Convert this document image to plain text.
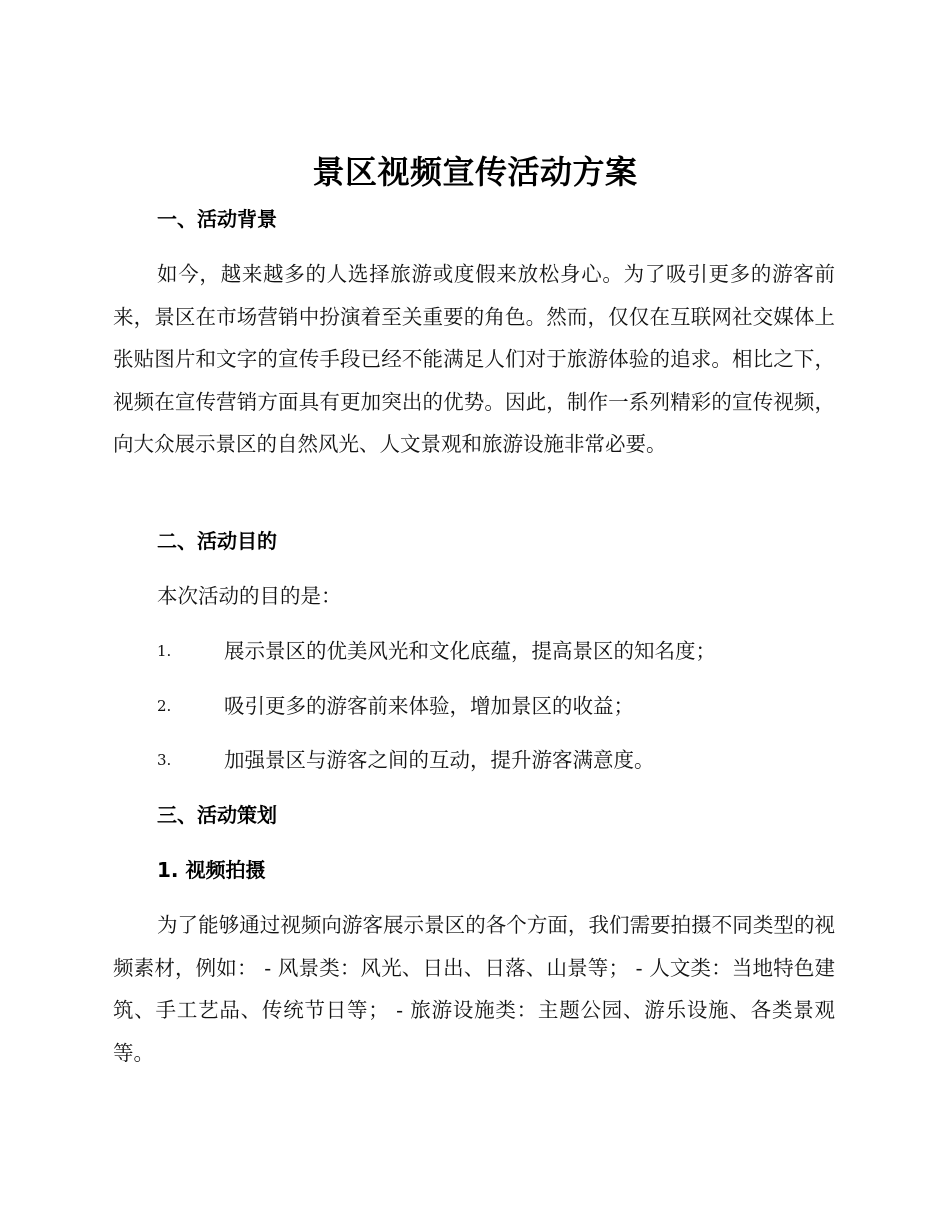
景区视频宣传活动方案
一、活动背景

如今，越来越多的人选择旅游或度假来放松身心。为了吸引更多的游客前来，景区在市场营销中扮演着至关重要的角色。然而，仅仅在互联网社交媒体上张贴图片和文字的宣传手段已经不能满足人们对于旅游体验的追求。相比之下，视频在宣传营销方面具有更加突出的优势。因此，制作一系列精彩的宣传视频，向大众展示景区的自然风光、人文景观和旅游设施非常必要。

二、活动目的

本次活动的目的是：

1.	展示景区的优美风光和文化底蕴，提高景区的知名度；
2.	吸引更多的游客前来体验，增加景区的收益；
3.	加强景区与游客之间的互动，提升游客满意度。
三、活动策划
1. 视频拍摄

为了能够通过视频向游客展示景区的各个方面，我们需要拍摄不同类型的视频素材，例如： - 风景类：风光、日出、日落、山景等； - 人文类：当地特色建筑、手工艺品、传统节日等； - 旅游设施类：主题公园、游乐设施、各类景观等。
